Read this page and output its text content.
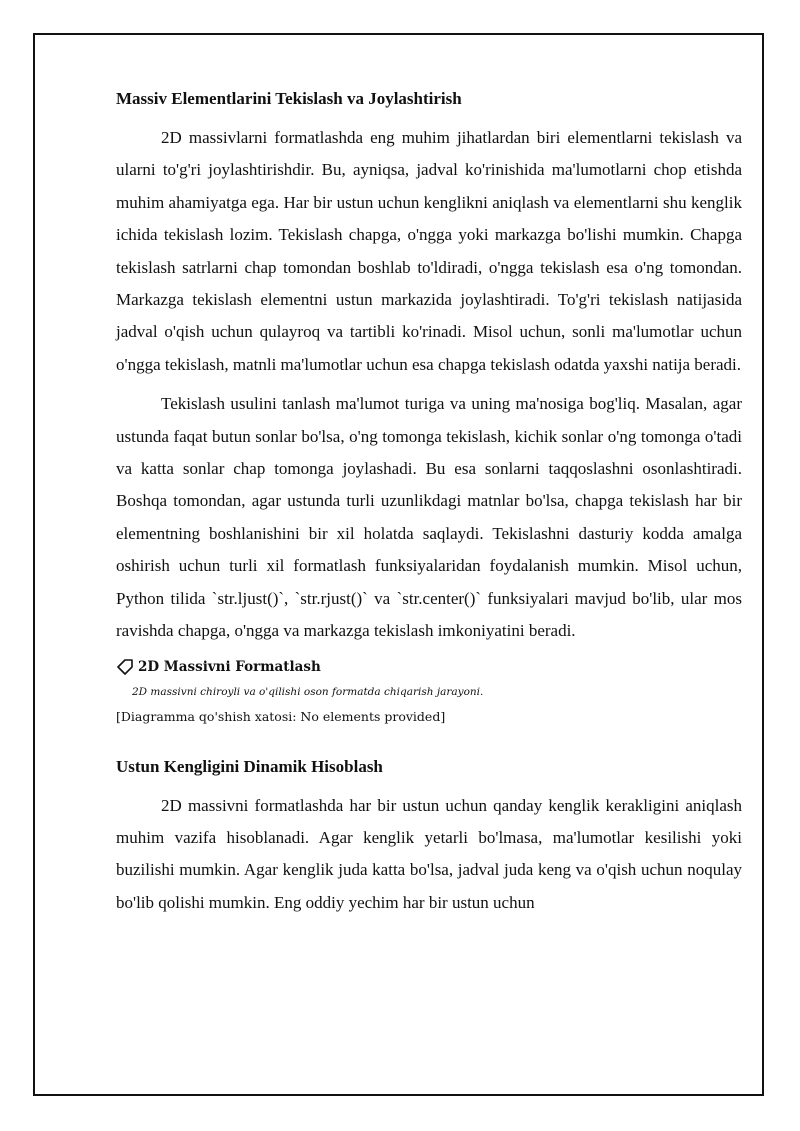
Massiv Elementlarini Tekislash va Joylashtirish

2D massivlarni formatlashda eng muhim jihatlardan biri elementlarni tekislash va ularni to'g'ri joylashtirishdir. Bu, ayniqsa, jadval ko'rinishida ma'lumotlarni chop etishda muhim ahamiyatga ega. Har bir ustun uchun kenglikni aniqlash va elementlarni shu kenglik ichida tekislash lozim. Tekislash chapga, o'ngga yoki markazga bo'lishi mumkin. Chapga tekislash satrlarni chap tomondan boshlab to'ldiradi, o'ngga tekislash esa o'ng tomondan. Markazga tekislash elementni ustun markazida joylashtiradi. To'g'ri tekislash natijasida jadval o'qish uchun qulayroq va tartibli ko'rinadi. Misol uchun, sonli ma'lumotlar uchun o'ngga tekislash, matnli ma'lumotlar uchun esa chapga tekislash odatda yaxshi natija beradi.

Tekislash usulini tanlash ma'lumot turiga va uning ma'nosiga bog'liq. Masalan, agar ustunda faqat butun sonlar bo'lsa, o'ng tomonga tekislash, kichik sonlar o'ng tomonga o'tadi va katta sonlar chap tomonga joylashadi. Bu esa sonlarni taqqoslashni osonlashtiradi. Boshqa tomondan, agar ustunda turli uzunlikdagi matnlar bo'lsa, chapga tekislash har bir elementning boshlanishini bir xil holatda saqlaydi. Tekislashni dasturiy kodda amalga oshirish uchun turli xil formatlash funksiyalaridan foydalanish mumkin. Misol uchun, Python tilida `str.ljust()`, `str.rjust()` va `str.center()` funksiyalari mavjud bo'lib, ular mos ravishda chapga, o'ngga va markazga tekislash imkoniyatini beradi.

2D Massivni Formatlash
2D massivni chiroyli va o'qilishi oson formatda chiqarish jarayoni.
[Diagramma qo'shish xatosi: No elements provided]
Ustun Kengligini Dinamik Hisoblash

2D massivni formatlashda har bir ustun uchun qanday kenglik kerakligini aniqlash muhim vazifa hisoblanadi. Agar kenglik yetarli bo'lmasa, ma'lumotlar kesilishi yoki buzilishi mumkin. Agar kenglik juda katta bo'lsa, jadval juda keng va o'qish uchun noqulay bo'lib qolishi mumkin. Eng oddiy yechim har bir ustun uchun
